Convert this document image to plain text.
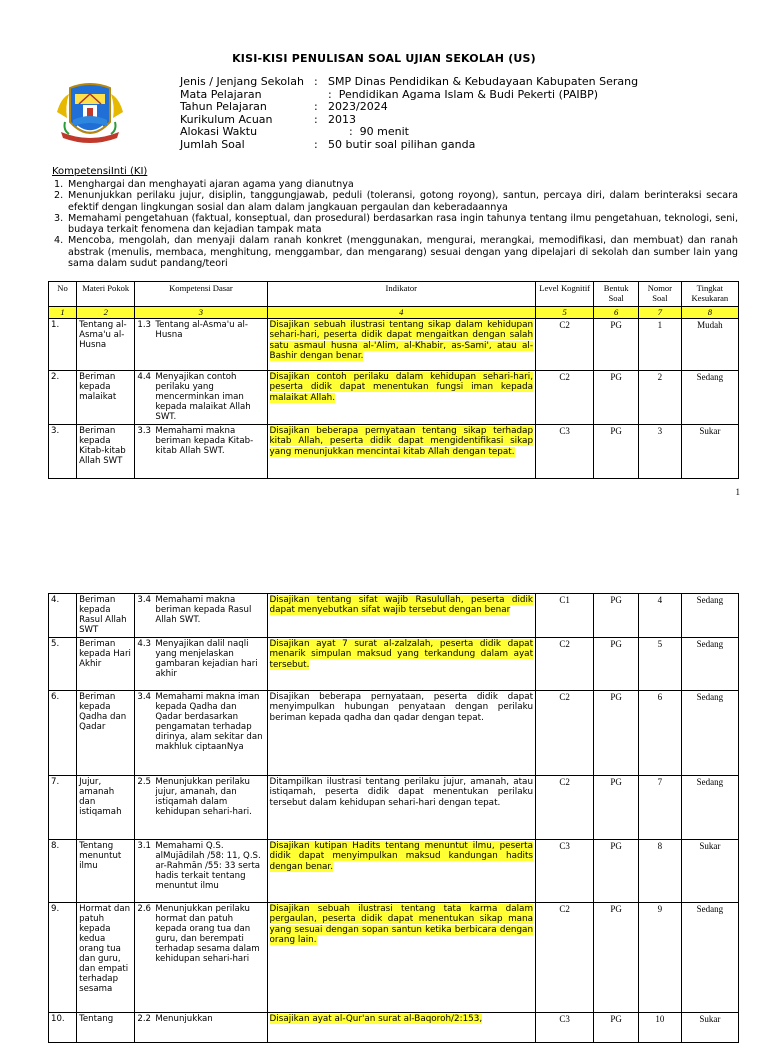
KISI-KISI PENULISAN SOAL UJIAN SEKOLAH (US)
Jenis / Jenjang Sekolah : SMP Dinas Pendidikan & Kebudayaan Kabupaten Serang
Mata Pelajaran	:  Pendidikan Agama Islam & Budi Pekerti (PAIBP)
Tahun Pelajaran	: 2023/2024
Kurikulum Acuan	: 2013
Alokasi Waktu	:  90 menit
Jumlah Soal	: 50 butir soal pilihan ganda
KompetensiInti (KI)
1. Menghargai dan menghayati ajaran agama yang dianutnya
2. Menunjukkan perilaku jujur, disiplin, tanggungjawab, peduli (toleransi, gotong royong), santun, percaya diri, dalam berinteraksi secara efektif dengan lingkungan sosial dan alam dalam jangkauan pergaulan dan keberadaannya
3. Memahami pengetahuan (faktual, konseptual, dan prosedural) berdasarkan rasa ingin tahunya tentang ilmu pengetahuan, teknologi, seni, budaya terkait fenomena dan kejadian tampak mata
4. Mencoba, mengolah, dan menyaji dalam ranah konkret (menggunakan, mengurai, merangkai, memodifikasi, dan membuat) dan ranah abstrak (menulis, membaca, menghitung, menggambar, dan mengarang) sesuai dengan yang dipelajari di sekolah dan sumber lain yang sama dalam sudut pandang/teori
No	Materi Pokok	Kompetensi Dasar	Indikator	Level Kognitif	Bentuk Soal	Nomor Soal	Tingkat Kesukaran
1	2	3	4	5	6	7	8
1.	Tentang al-Asma'u al-Husna	1.3 Tentang al-Asma'u al-Husna	Disajikan sebuah ilustrasi tentang sikap dalam kehidupan sehari-hari, peserta didik dapat mengaitkan dengan salah satu asmaul husna al-'Alim, al-Khabir, as-Sami', atau al-Bashir dengan benar.	C2	PG	1	Mudah
2.	Beriman kepada malaikat	4.4 Menyajikan contoh perilaku yang mencerminkan iman kepada malaikat Allah SWT.	Disajikan contoh perilaku dalam kehidupan sehari-hari, peserta didik dapat menentukan fungsi iman kepada malaikat Allah.	C2	PG	2	Sedang
3.	Beriman kepada Kitab-kitab Allah SWT	3.3 Memahami makna beriman kepada Kitab-kitab Allah SWT.	Disajikan beberapa pernyataan tentang sikap terhadap kitab Allah, peserta didik dapat mengidentifikasi sikap yang menunjukkan mencintai kitab Allah dengan tepat.	C3	PG	3	Sukar
1
4.	Beriman kepada Rasul Allah SWT	3.4 Memahami makna beriman kepada Rasul Allah SWT.	Disajikan tentang sifat wajib Rasulullah, peserta didik dapat menyebutkan sifat wajib tersebut dengan benar	C1	PG	4	Sedang
5.	Beriman kepada Hari Akhir	4.3 Menyajikan dalil naqli yang menjelaskan gambaran kejadian hari akhir	Disajikan ayat 7 surat al-zalzalah, peserta didik dapat menarik simpulan maksud yang terkandung dalam ayat tersebut.	C2	PG	5	Sedang
6.	Beriman kepada Qadha dan Qadar	3.4 Memahami makna iman kepada Qadha dan Qadar berdasarkan pengamatan terhadap dirinya, alam sekitar dan makhluk ciptaanNya	Disajikan beberapa pernyataan, peserta didik dapat menyimpulkan hubungan penyataan dengan perilaku beriman kepada qadha dan qadar dengan tepat.	C2	PG	6	Sedang
7.	Jujur, amanah dan istiqamah	2.5 Menunjukkan perilaku jujur, amanah, dan istiqamah dalam kehidupan sehari-hari.	Ditampilkan ilustrasi tentang perilaku jujur, amanah, atau istiqamah, peserta didik dapat menentukan perilaku tersebut dalam kehidupan sehari-hari dengan tepat.	C2	PG	7	Sedang
8.	Tentang menuntut ilmu	3.1 Memahami Q.S. alMujādilah /58: 11, Q.S. ar-Rahmān /55: 33 serta hadis terkait tentang menuntut ilmu	Disajikan kutipan Hadits tentang menuntut ilmu, peserta didik dapat menyimpulkan maksud kandungan hadits dengan benar.	C3	PG	8	Sukar
9.	Hormat dan patuh kepada kedua orang tua dan guru, dan empati terhadap sesama	2.6 Menunjukkan perilaku hormat dan patuh kepada orang tua dan guru, dan berempati terhadap sesama dalam kehidupan sehari-hari	Disajikan sebuah ilustrasi tentang tata karma dalam pergaulan, peserta didik dapat menentukan sikap mana yang sesuai dengan sopan santun ketika berbicara dengan orang lain.	C2	PG	9	Sedang
10.	Tentang	2.2 Menunjukkan	Disajikan ayat al-Qur'an surat al-Baqoroh/2:153,	C3	PG	10	Sukar
